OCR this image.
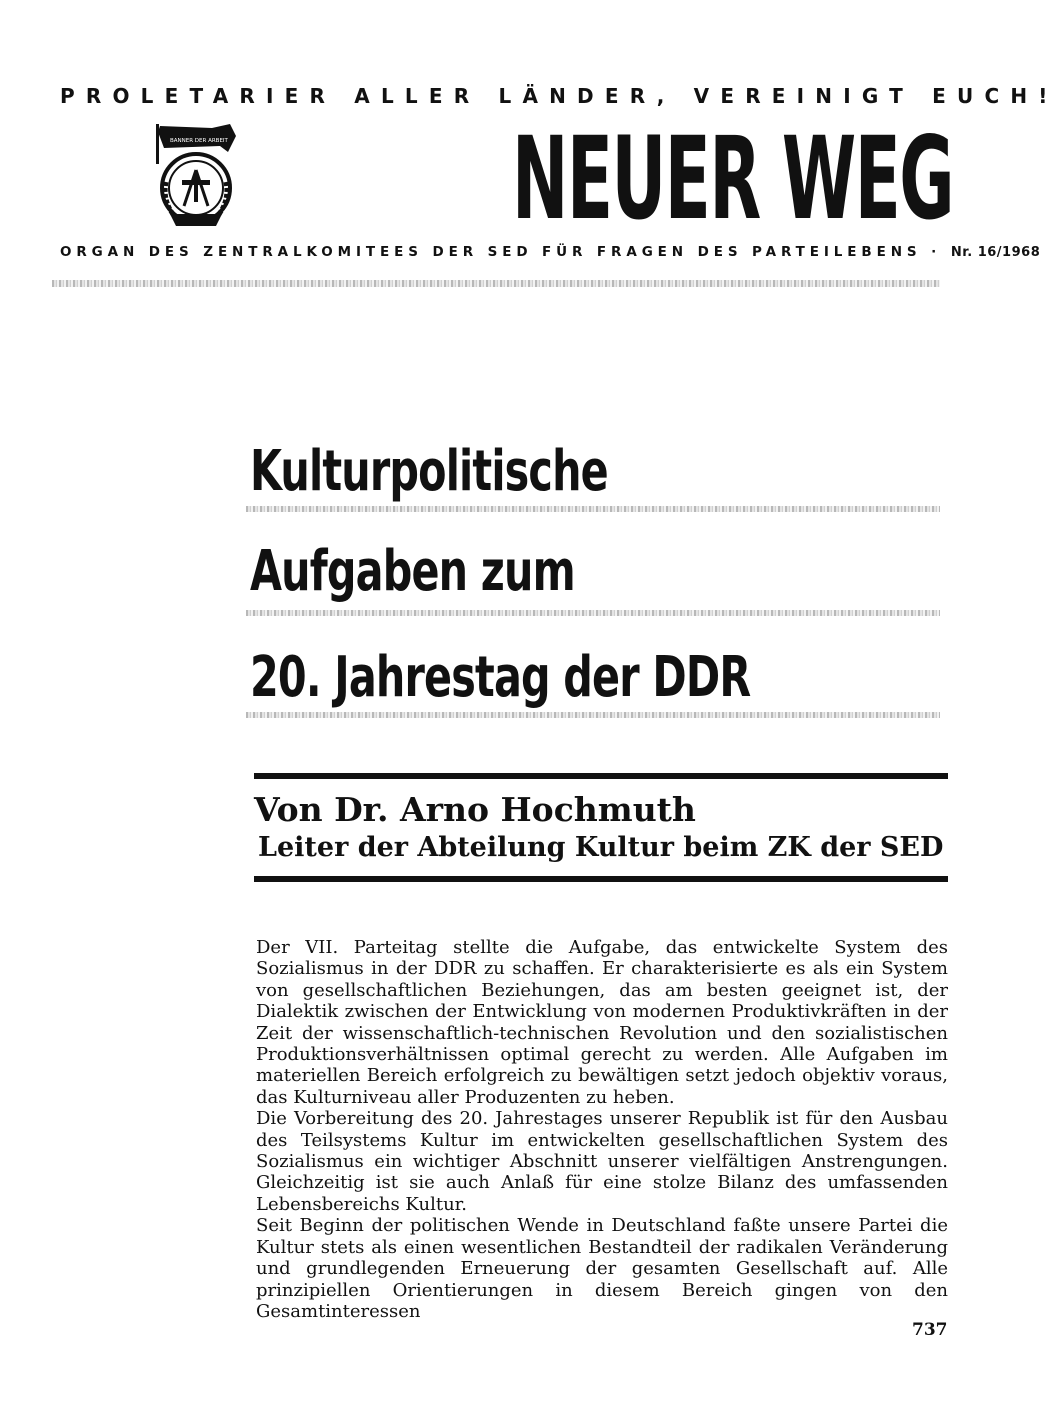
PROLETARIER ALLER LÄNDER, VEREINIGT EUCH!
BANNER DER ARBEIT	NEUER WEG
ORGAN DES ZENTRALKOMITEES DER SED FÜR FRAGEN DES PARTEILEBENS · Nr. 16/1968
Kulturpolitische
Aufgaben zum
20. Jahrestag der DDR
Von Dr. Arno Hochmuth
Leiter der Abteilung Kultur beim ZK der SED

Der VII. Parteitag stellte die Aufgabe, das entwickelte System des Sozialismus in der DDR zu schaffen. Er charakterisierte es als ein System von gesellschaftlichen Beziehungen, das am besten geeignet ist, der Dialektik zwischen der Entwicklung von modernen Produktivkräften in der Zeit der wissenschaftlich-technischen Revolution und den sozialistischen Produktionsverhältnissen optimal gerecht zu werden. Alle Aufgaben im materiellen Bereich erfolgreich zu bewältigen setzt jedoch objektiv voraus, das Kulturniveau aller Produzenten zu heben.

Die Vorbereitung des 20. Jahrestages unserer Republik ist für den Ausbau des Teilsystems Kultur im entwickelten gesellschaftlichen System des Sozialismus ein wichtiger Abschnitt unserer vielfältigen Anstrengungen. Gleichzeitig ist sie auch Anlaß für eine stolze Bilanz des umfassenden Lebensbereichs Kultur.

Seit Beginn der politischen Wende in Deutschland faßte unsere Partei die Kultur stets als einen wesentlichen Bestandteil der radikalen Veränderung und grundlegenden Erneuerung der gesamten Gesellschaft auf. Alle prinzipiellen Orientierungen in diesem Bereich gingen von den Gesamtinteressen

737
